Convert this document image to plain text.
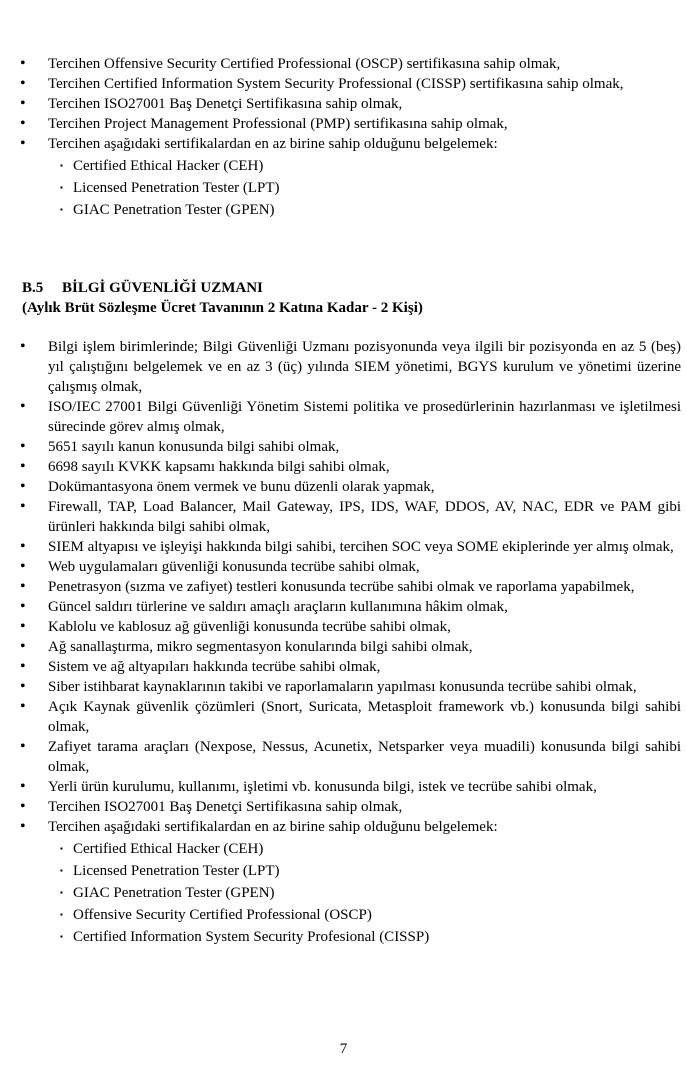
• Tercihen Offensive Security Certified Professional (OSCP) sertifikasına sahip olmak,
• Tercihen Certified Information System Security Professional (CISSP) sertifikasına sahip olmak,
• Tercihen ISO27001 Baş Denetçi Sertifikasına sahip olmak,
• Tercihen Project Management Professional (PMP) sertifikasına sahip olmak,
• Tercihen aşağıdaki sertifikalardan en az birine sahip olduğunu belgelemek:
▪ Certified Ethical Hacker (CEH)
▪ Licensed Penetration Tester (LPT)
▪ GIAC Penetration Tester (GPEN)
B.5 BİLGİ GÜVENLİĞİ UZMANI
(Aylık Brüt Sözleşme Ücret Tavanının 2 Katına Kadar - 2 Kişi)
• Bilgi işlem birimlerinde; Bilgi Güvenliği Uzmanı pozisyonunda veya ilgili bir pozisyonda en az 5 (beş) yıl çalıştığını belgelemek ve en az 3 (üç) yılında SIEM yönetimi, BGYS kurulum ve yönetimi üzerine çalışmış olmak,
• ISO/IEC 27001 Bilgi Güvenliği Yönetim Sistemi politika ve prosedürlerinin hazırlanması ve işletilmesi sürecinde görev almış olmak,
• 5651 sayılı kanun konusunda bilgi sahibi olmak,
• 6698 sayılı KVKK kapsamı hakkında bilgi sahibi olmak,
• Dokümantasyona önem vermek ve bunu düzenli olarak yapmak,
• Firewall, TAP, Load Balancer, Mail Gateway, IPS, IDS, WAF, DDOS, AV, NAC, EDR ve PAM gibi ürünleri hakkında bilgi sahibi olmak,
• SIEM altyapısı ve işleyişi hakkında bilgi sahibi, tercihen SOC veya SOME ekiplerinde yer almış olmak,
• Web uygulamaları güvenliği konusunda tecrübe sahibi olmak,
• Penetrasyon (sızma ve zafiyet) testleri konusunda tecrübe sahibi olmak ve raporlama yapabilmek,
• Güncel saldırı türlerine ve saldırı amaçlı araçların kullanımına hâkim olmak,
• Kablolu ve kablosuz ağ güvenliği konusunda tecrübe sahibi olmak,
• Ağ sanallaştırma, mikro segmentasyon konularında bilgi sahibi olmak,
• Sistem ve ağ altyapıları hakkında tecrübe sahibi olmak,
• Siber istihbarat kaynaklarının takibi ve raporlamaların yapılması konusunda tecrübe sahibi olmak,
• Açık Kaynak güvenlik çözümleri (Snort, Suricata, Metasploit framework vb.) konusunda bilgi sahibi olmak,
• Zafiyet tarama araçları (Nexpose, Nessus, Acunetix, Netsparker veya muadili) konusunda bilgi sahibi olmak,
• Yerli ürün kurulumu, kullanımı, işletimi vb. konusunda bilgi, istek ve tecrübe sahibi olmak,
• Tercihen ISO27001 Baş Denetçi Sertifikasına sahip olmak,
• Tercihen aşağıdaki sertifikalardan en az birine sahip olduğunu belgelemek:
▪ Certified Ethical Hacker (CEH)
▪ Licensed Penetration Tester (LPT)
▪ GIAC Penetration Tester (GPEN)
▪ Offensive Security Certified Professional (OSCP)
▪ Certified Information System Security Profesional (CISSP)
7
